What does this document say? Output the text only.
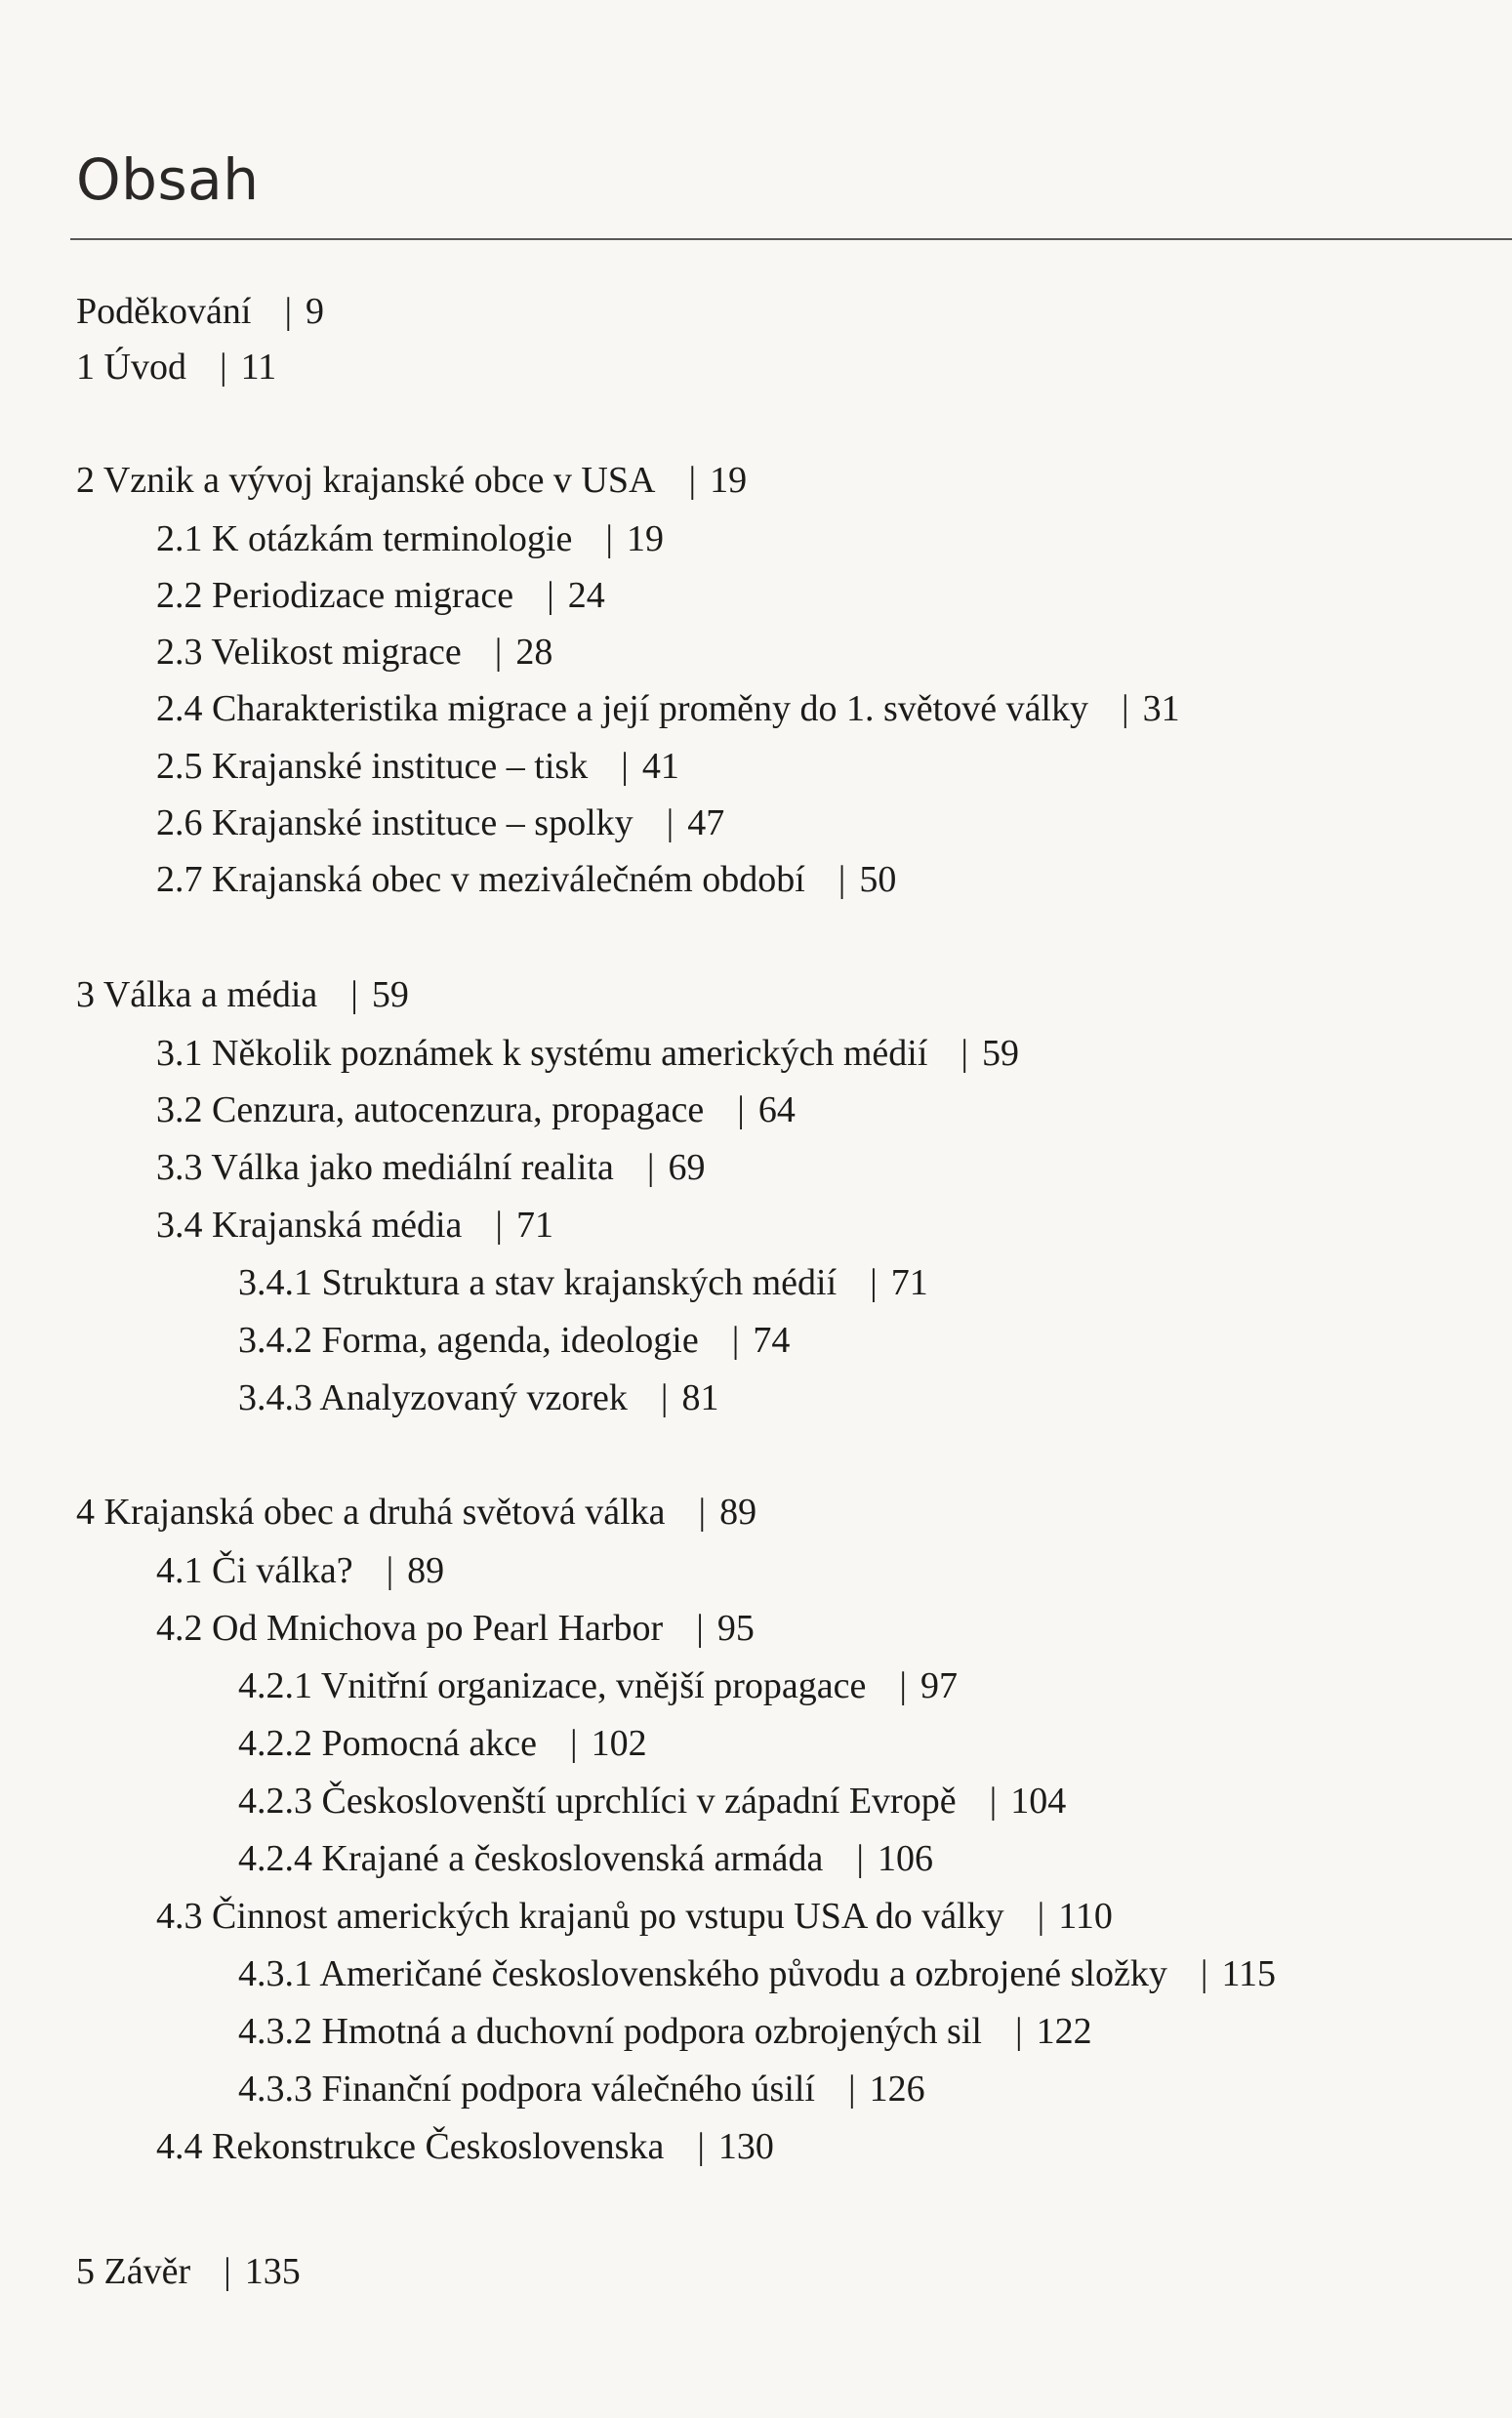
Obsah
Poděkování | 9
1 Úvod | 11
2 Vznik a vývoj krajanské obce v USA | 19
2.1 K otázkám terminologie | 19
2.2 Periodizace migrace | 24
2.3 Velikost migrace | 28
2.4 Charakteristika migrace a její proměny do 1. světové války | 31
2.5 Krajanské instituce – tisk | 41
2.6 Krajanské instituce – spolky | 47
2.7 Krajanská obec v meziválečném období | 50
3 Válka a média | 59
3.1 Několik poznámek k systému amerických médií | 59
3.2 Cenzura, autocenzura, propagace | 64
3.3 Válka jako mediální realita | 69
3.4 Krajanská média | 71
3.4.1 Struktura a stav krajanských médií | 71
3.4.2 Forma, agenda, ideologie | 74
3.4.3 Analyzovaný vzorek | 81
4 Krajanská obec a druhá světová válka | 89
4.1 Či válka? | 89
4.2 Od Mnichova po Pearl Harbor | 95
4.2.1 Vnitřní organizace, vnější propagace | 97
4.2.2 Pomocná akce | 102
4.2.3 Českoslovenští uprchlíci v západní Evropě | 104
4.2.4 Krajané a československá armáda | 106
4.3 Činnost amerických krajanů po vstupu USA do války | 110
4.3.1 Američané československého původu a ozbrojené složky | 115
4.3.2 Hmotná a duchovní podpora ozbrojených sil | 122
4.3.3 Finanční podpora válečného úsilí | 126
4.4 Rekonstrukce Československa | 130
5 Závěr | 135
